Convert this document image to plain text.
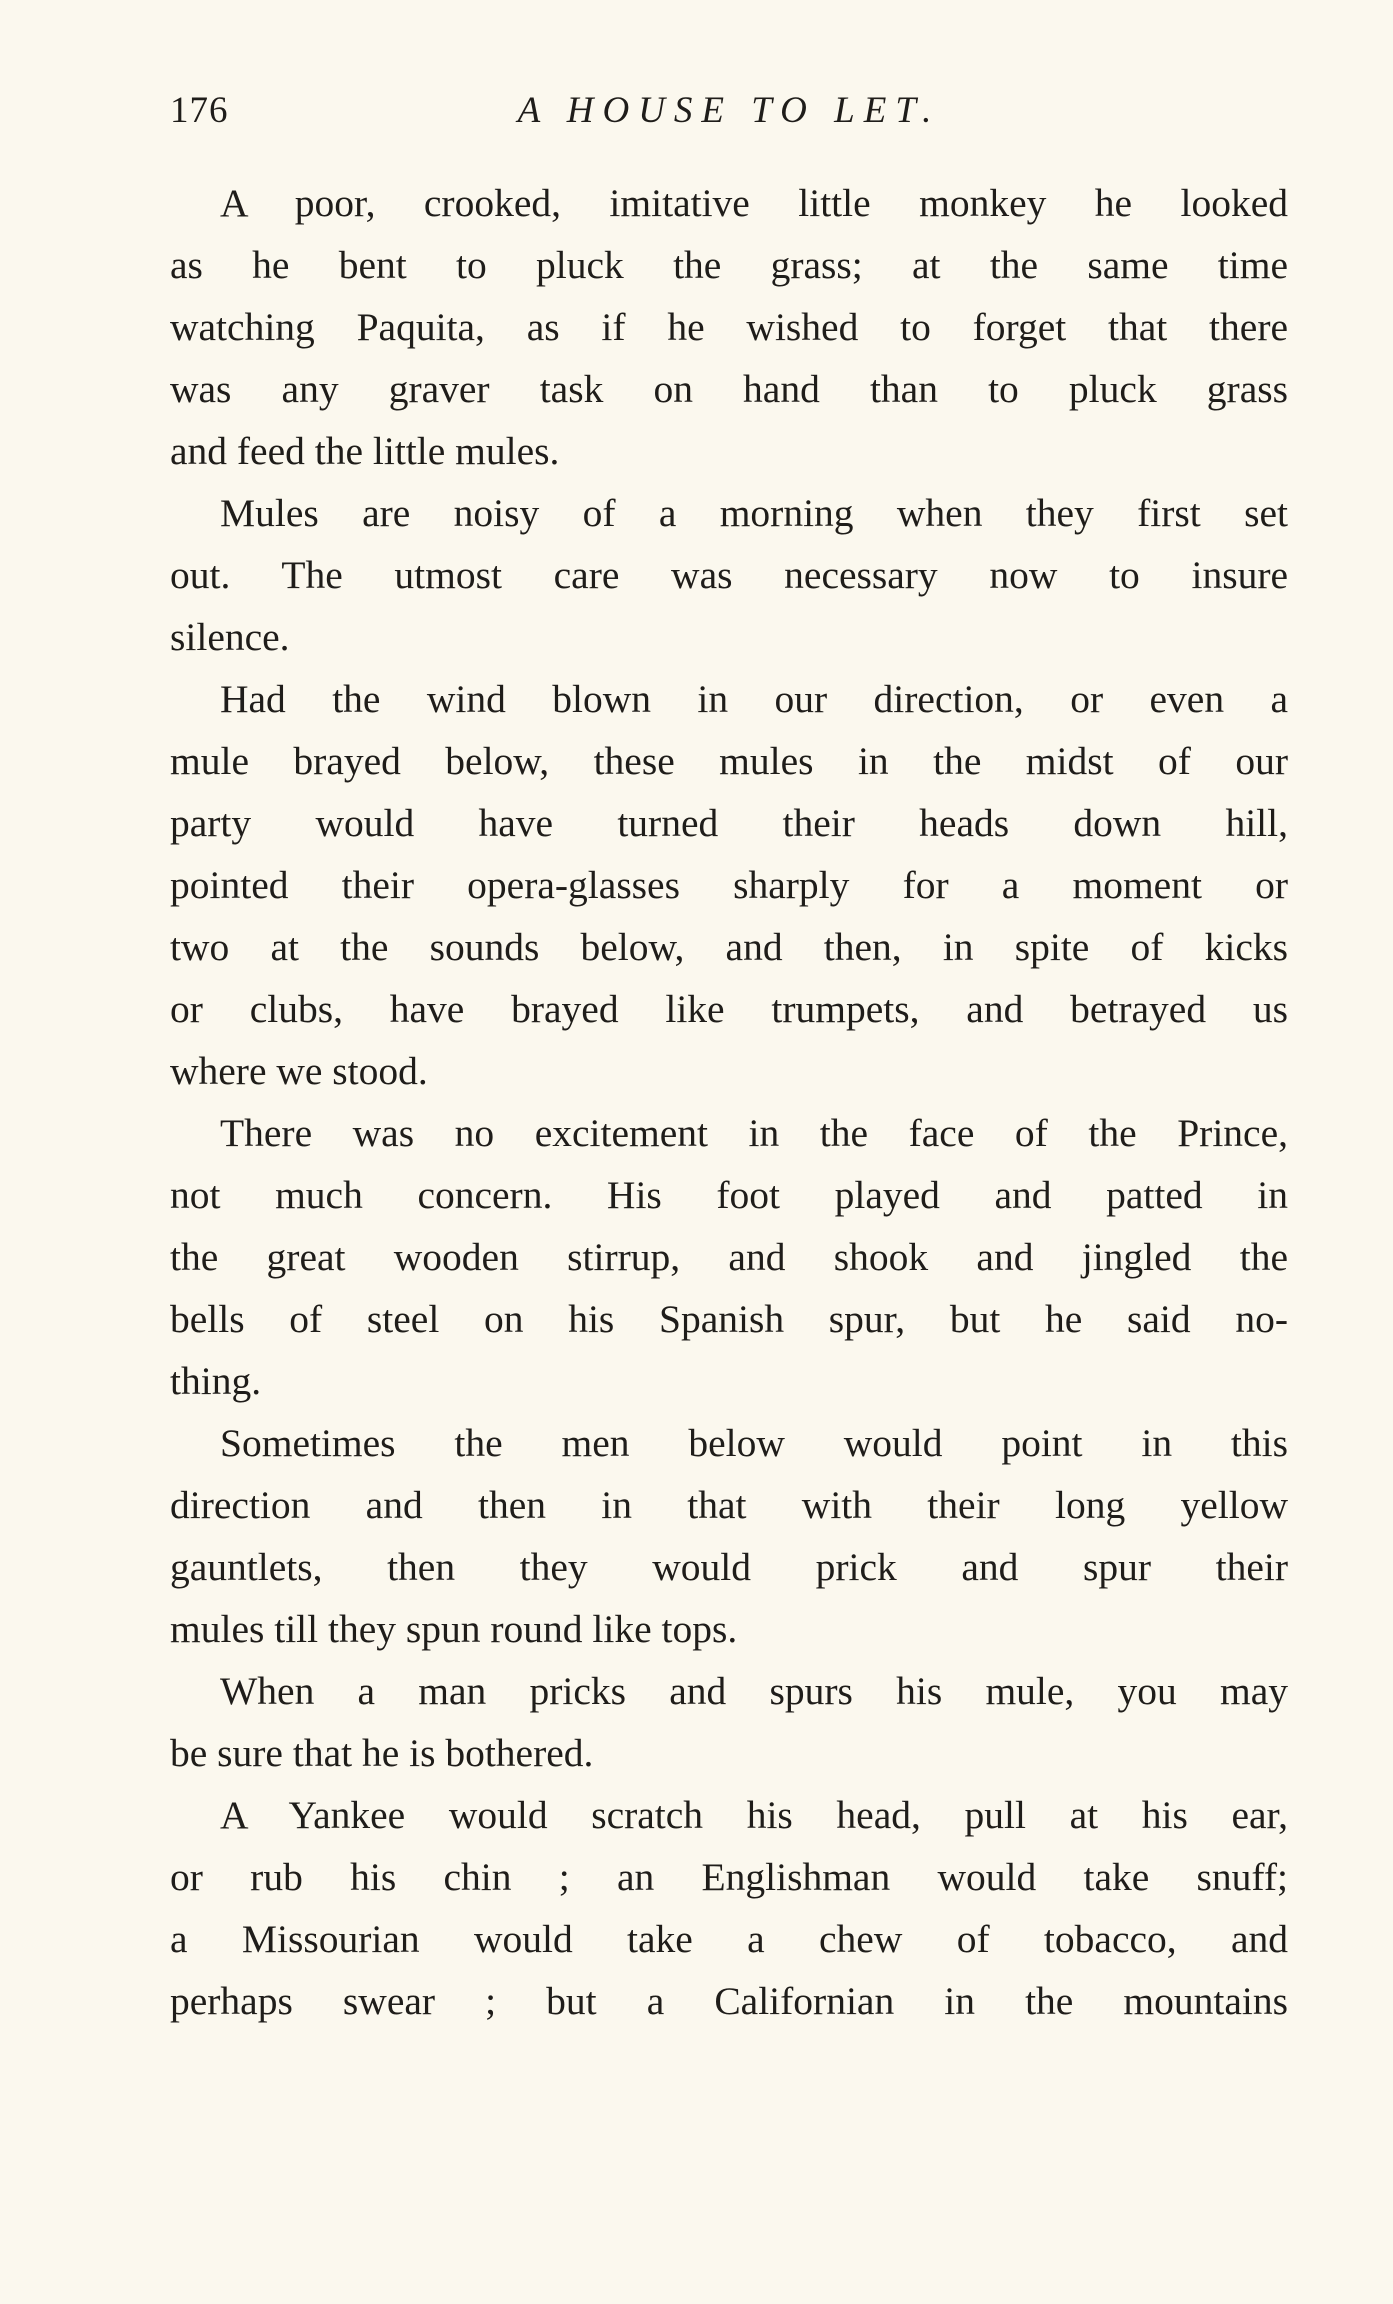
176	A HOUSE TO LET.
A poor, crooked, imitative little monkey he looked
as he bent to pluck the grass; at the same time
watching Paquita, as if he wished to forget that there
was any graver task on hand than to pluck grass
and feed the little mules.
Mules are noisy of a morning when they first set
out. The utmost care was necessary now to insure
silence.
Had the wind blown in our direction, or even a
mule brayed below, these mules in the midst of our
party would have turned their heads down hill,
pointed their opera-glasses sharply for a moment or
two at the sounds below, and then, in spite of kicks
or clubs, have brayed like trumpets, and betrayed us
where we stood.
There was no excitement in the face of the Prince,
not much concern. His foot played and patted in
the great wooden stirrup, and shook and jingled the
bells of steel on his Spanish spur, but he said no-
thing.
Sometimes the men below would point in this
direction and then in that with their long yellow
gauntlets, then they would prick and spur their
mules till they spun round like tops.
When a man pricks and spurs his mule, you may
be sure that he is bothered.
A Yankee would scratch his head, pull at his ear,
or rub his chin ; an Englishman would take snuff;
a Missourian would take a chew of tobacco, and
perhaps swear ; but a Californian in the mountains
